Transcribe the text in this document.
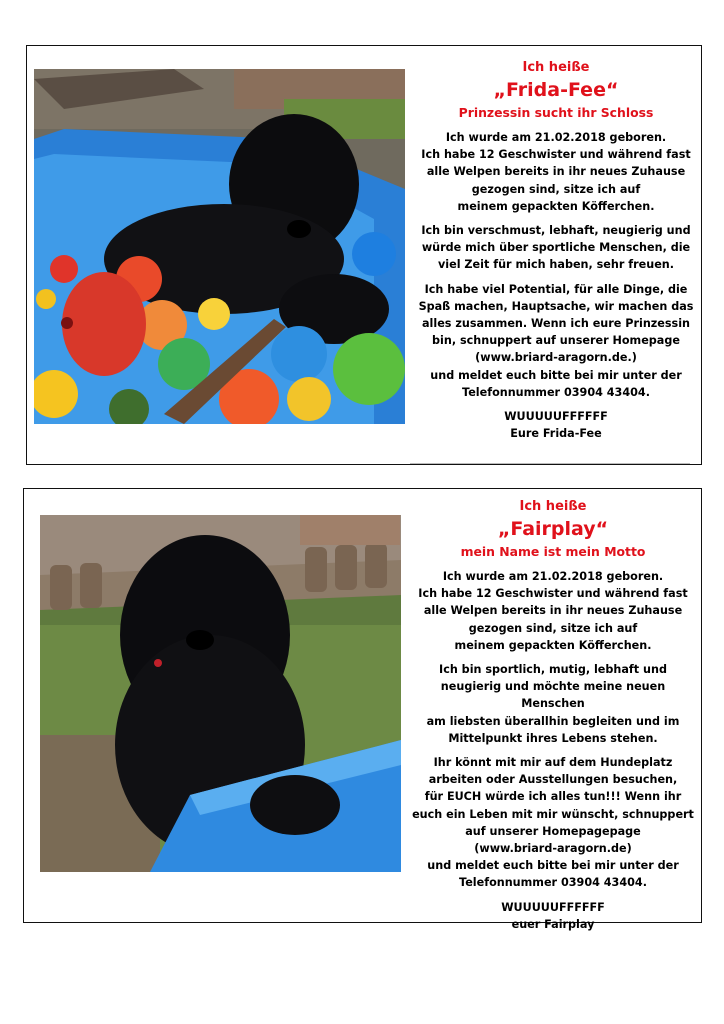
Ich heiße
„Frida-Fee“
Prinzessin sucht ihr Schloss

Ich wurde am 21.02.2018 geboren.
Ich habe 12 Geschwister und während fast
alle Welpen bereits in ihr neues Zuhause
gezogen sind, sitze ich auf
meinem gepackten Köfferchen.

Ich bin verschmust, lebhaft, neugierig und
würde mich über sportliche Menschen, die
viel Zeit für mich haben, sehr freuen.

Ich habe viel Potential, für alle Dinge, die
Spaß machen, Hauptsache, wir machen das
alles zusammen. Wenn ich eure Prinzessin
bin, schnuppert auf unserer Homepage
(www.briard-aragorn.de.)
und meldet euch bitte bei mir unter der
Telefonnummer 03904 43404.

WUUUUUFFFFFF
Eure Frida-Fee
Ich heiße
„Fairplay“
mein Name ist mein Motto

Ich wurde am 21.02.2018 geboren.
Ich habe 12 Geschwister und während fast
alle Welpen bereits in ihr neues Zuhause
gezogen sind, sitze ich auf
meinem gepackten Köfferchen.

Ich bin sportlich, mutig, lebhaft und
neugierig und möchte meine neuen Menschen
am liebsten überallhin begleiten und im
Mittelpunkt ihres Lebens stehen.

Ihr könnt mit mir auf dem Hundeplatz
arbeiten oder Ausstellungen besuchen,
für EUCH würde ich alles tun!!! Wenn ihr
euch ein Leben mit mir wünscht, schnuppert
auf unserer Homepagepage
(www.briard-aragorn.de)
und meldet euch bitte bei mir unter der
Telefonnummer 03904 43404.

WUUUUUFFFFFF
euer Fairplay
